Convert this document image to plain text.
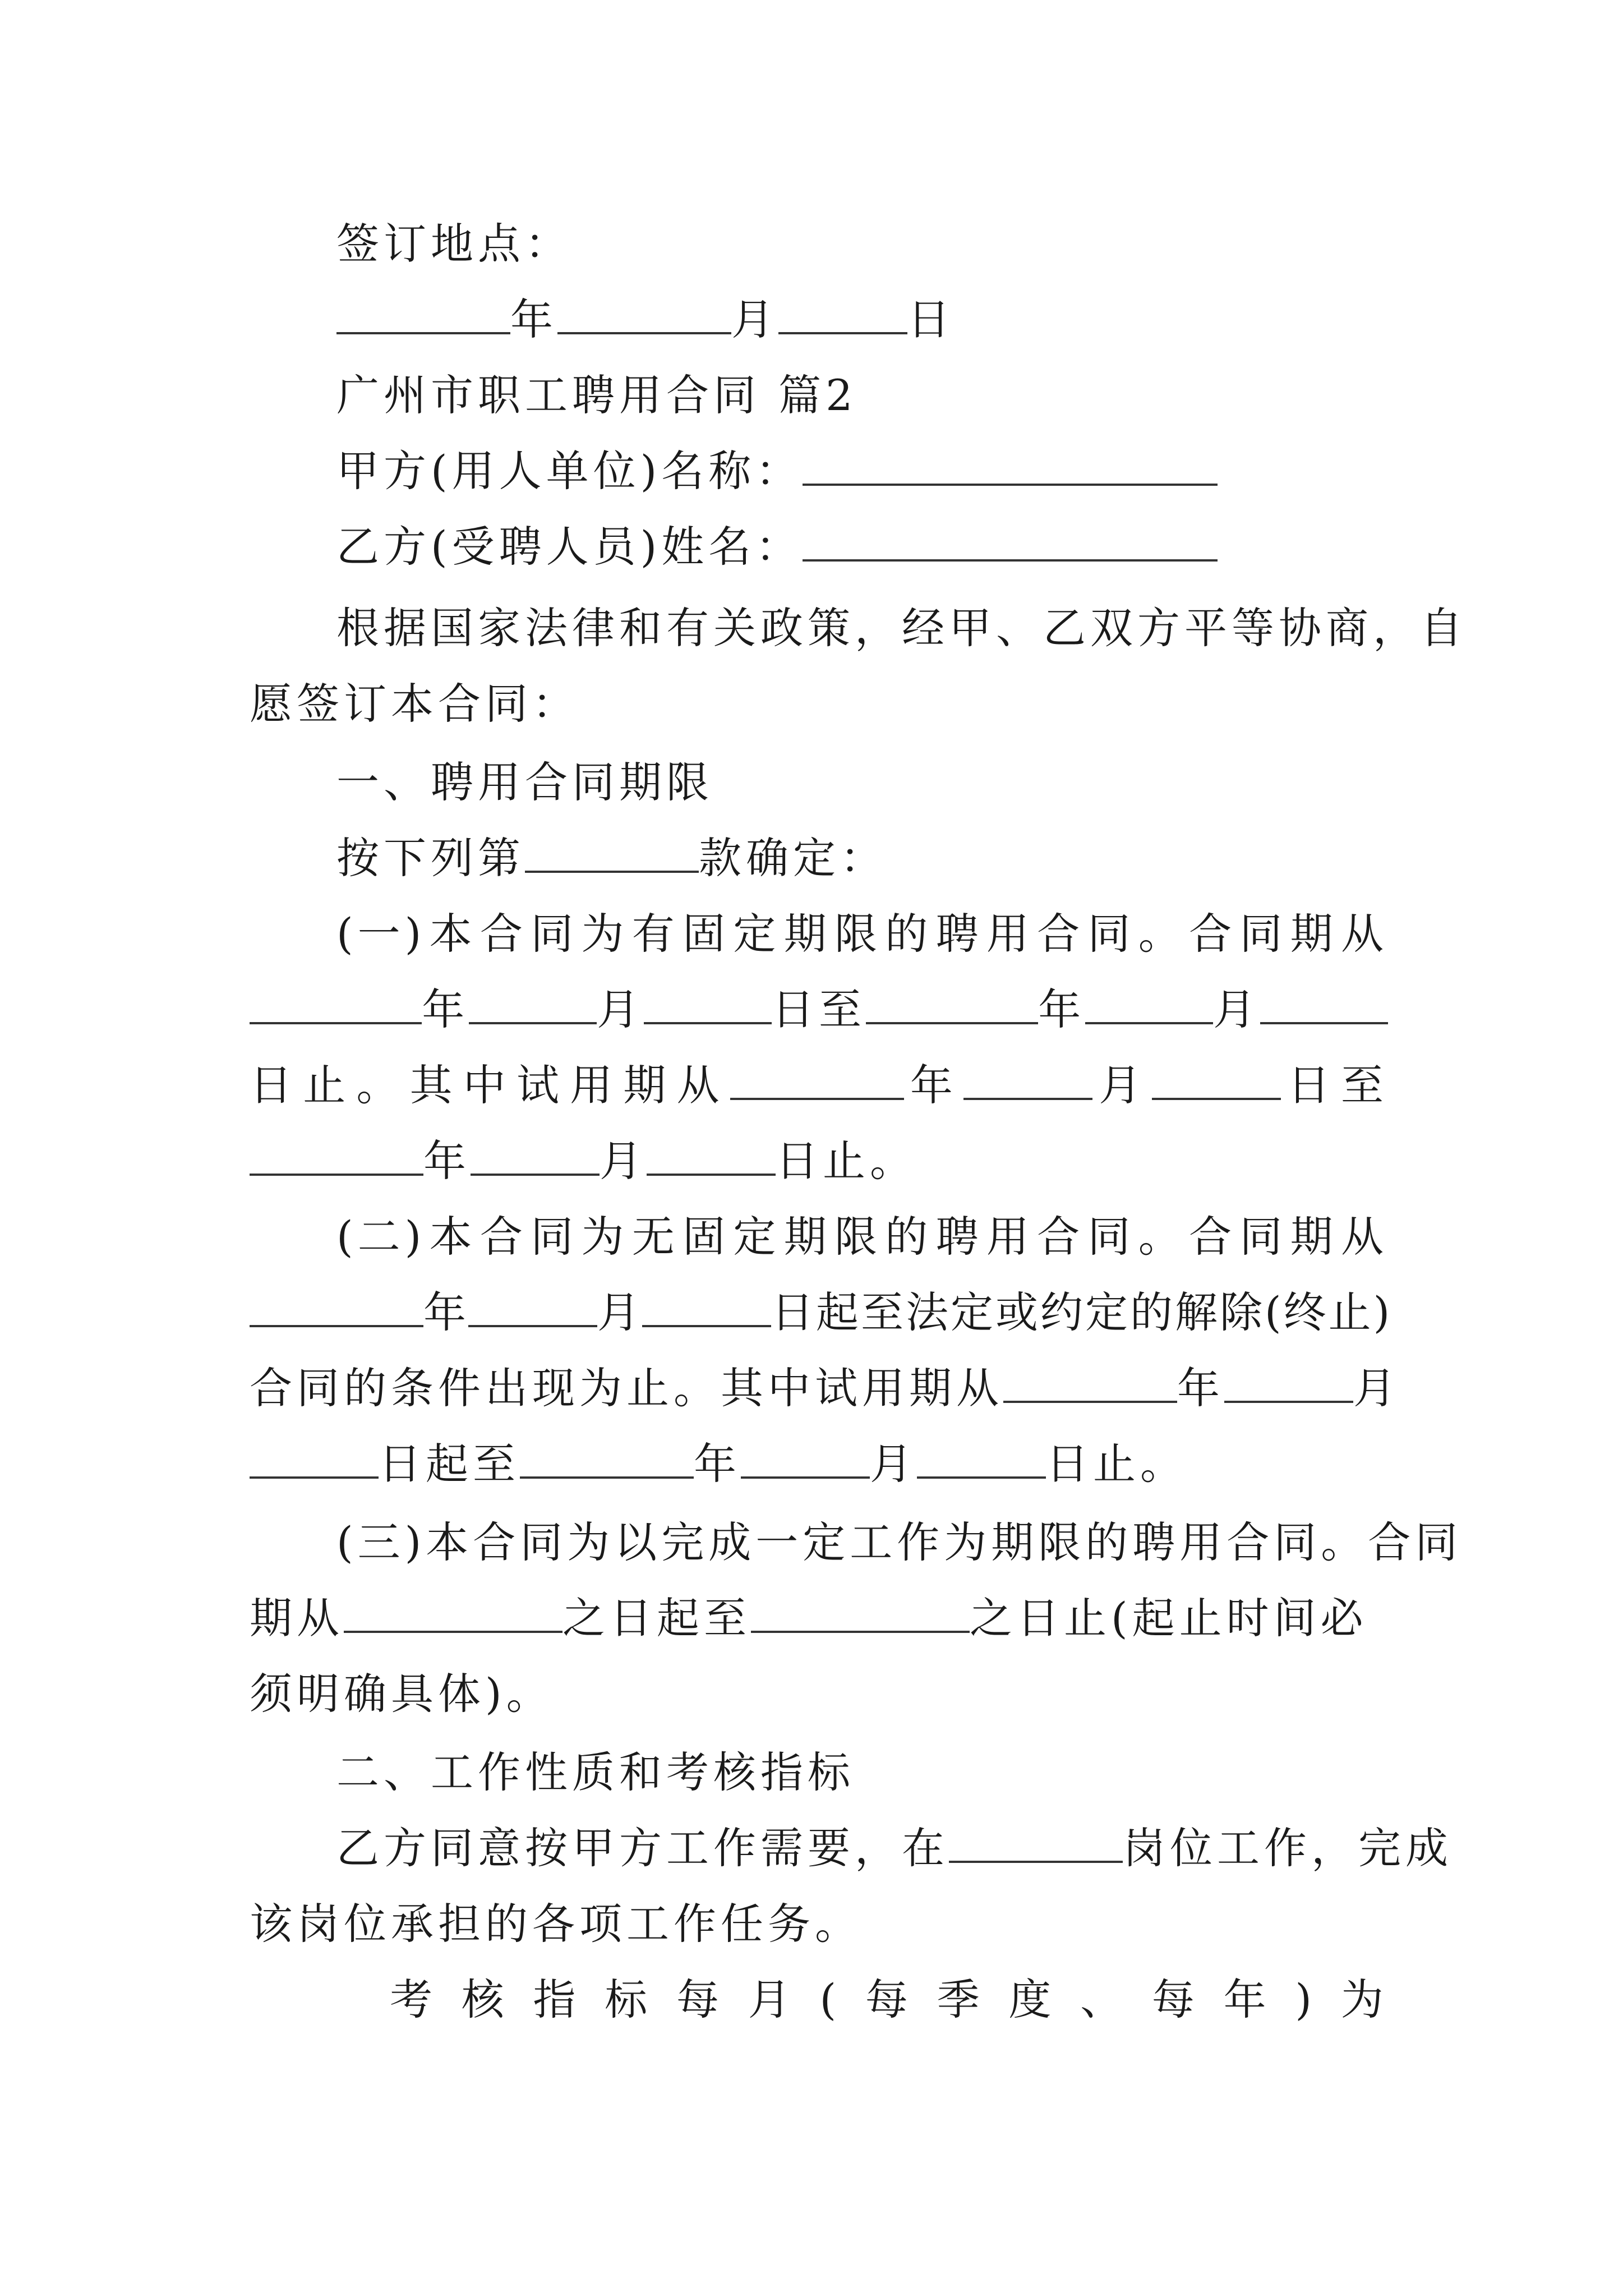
签订地点：
年	月	日
广州市职工聘用合同 篇2
甲方(用人单位)名称：
乙方(受聘人员)姓名：
根据国家法律和有关政策，经甲、乙双方平等协商，自
愿签订本合同：
一、聘用合同期限
按下列第	款确定：
(一) 本 合 同 为 有 固 定 期 限 的 聘 用 合 同 。 合 同 期 从
年	月	日至	年	月
日 止 。 其 中 试 用 期 从	年	月	日 至
年	月	日止。
(二) 本 合 同 为 无 固 定 期 限 的 聘 用 合 同 。 合 同 期 从
年	月	日起至法定或约定的解除(终止)
合同的条件出现为止。其中试用期从	年	月
日起至	年	月	日止。
(三)本合同为以完成一定工作为期限的聘用合同。合同
期从	之日起至	之日止(起止时间必
须明确具体)。
二、工作性质和考核指标
乙方同意按甲方工作需要，在	岗位工作，完成
该岗位承担的各项工作任务。
考 核 指 标 每 月 ( 每 季 度 、 每 年 ) 为
